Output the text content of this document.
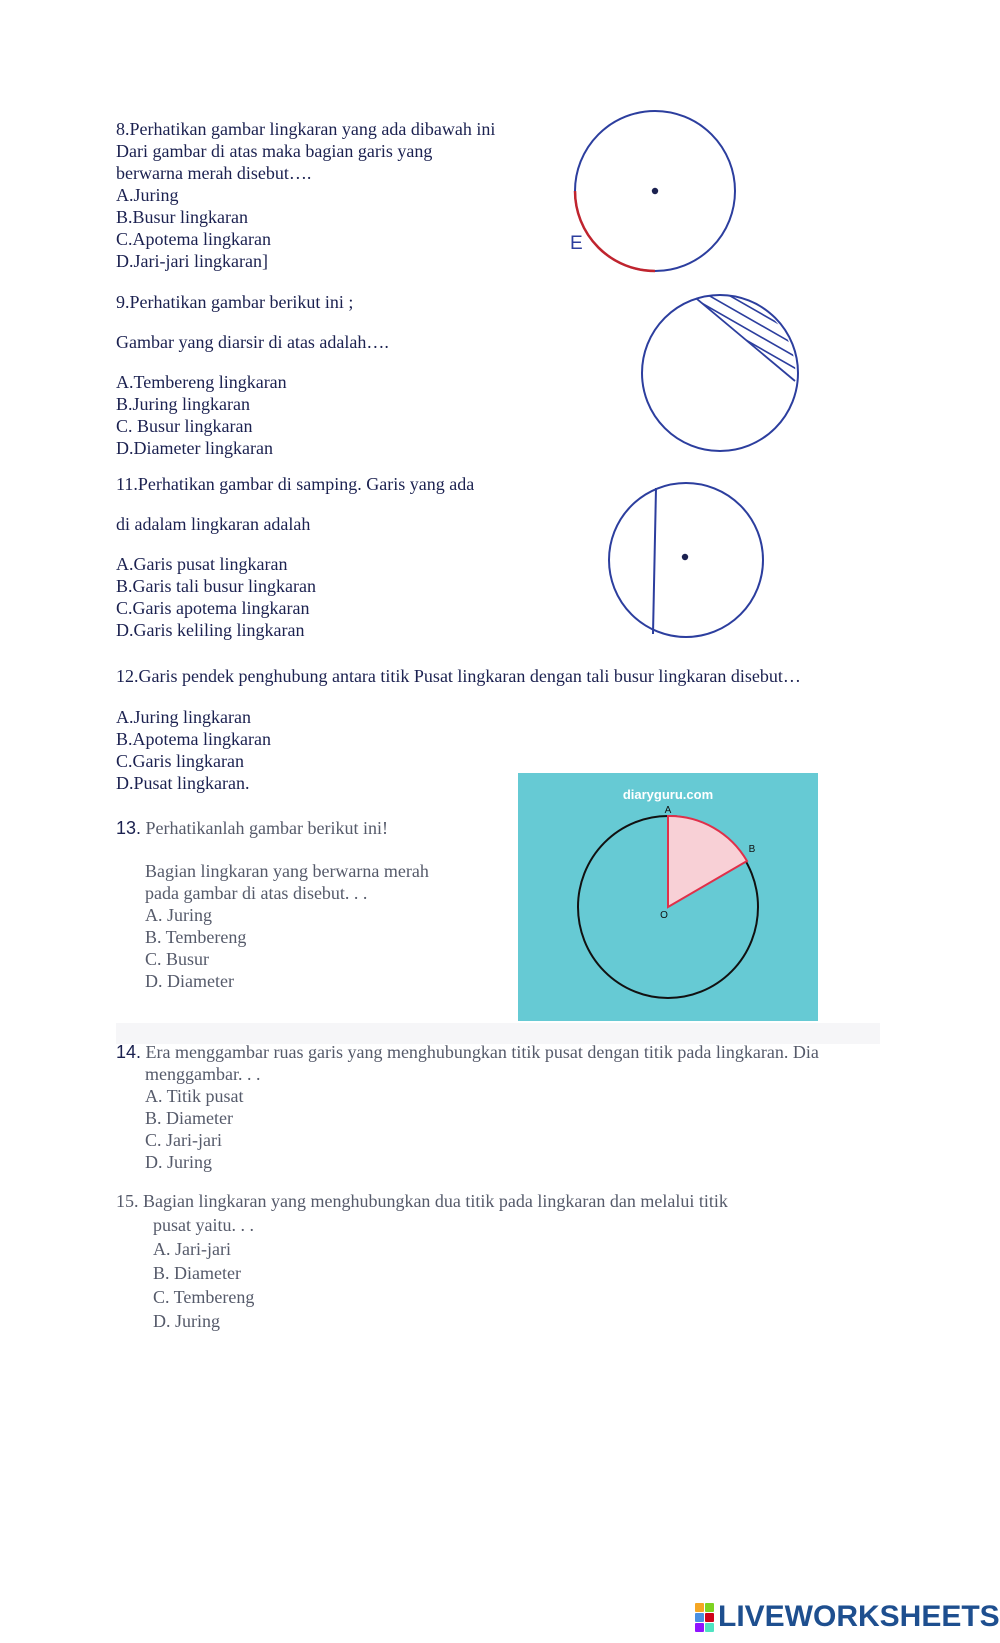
8.Perhatikan gambar lingkaran yang ada dibawah ini
Dari gambar di atas maka bagian garis yang
berwarna merah disebut….
A.Juring
B.Busur lingkaran
C.Apotema lingkaran
D.Jari-jari lingkaran]
E
9.Perhatikan gambar berikut ini ;
Gambar yang diarsir di atas adalah….
A.Tembereng lingkaran
B.Juring lingkaran
C. Busur lingkaran
D.Diameter lingkaran
11.Perhatikan gambar di samping. Garis yang ada
di adalam lingkaran adalah
A.Garis pusat lingkaran
B.Garis tali busur lingkaran
C.Garis apotema lingkaran
D.Garis keliling lingkaran
12.Garis pendek penghubung antara titik Pusat lingkaran dengan tali busur lingkaran disebut…
A.Juring lingkaran
B.Apotema lingkaran
C.Garis lingkaran
D.Pusat lingkaran.
13. Perhatikanlah gambar berikut ini!
Bagian lingkaran yang berwarna merah
pada gambar di atas disebut. . .
A. Juring
B. Tembereng
C. Busur
D. Diameter
diaryguru.com
A
B
O
14. Era menggambar ruas garis yang menghubungkan titik pusat dengan titik pada lingkaran. Dia
menggambar. . .
A. Titik pusat
B. Diameter
C. Jari-jari
D. Juring
15. Bagian lingkaran yang menghubungkan dua titik pada lingkaran dan melalui titik
pusat yaitu. . .
A. Jari-jari
B. Diameter
C. Tembereng
D. Juring
LIVEWORKSHEETS
